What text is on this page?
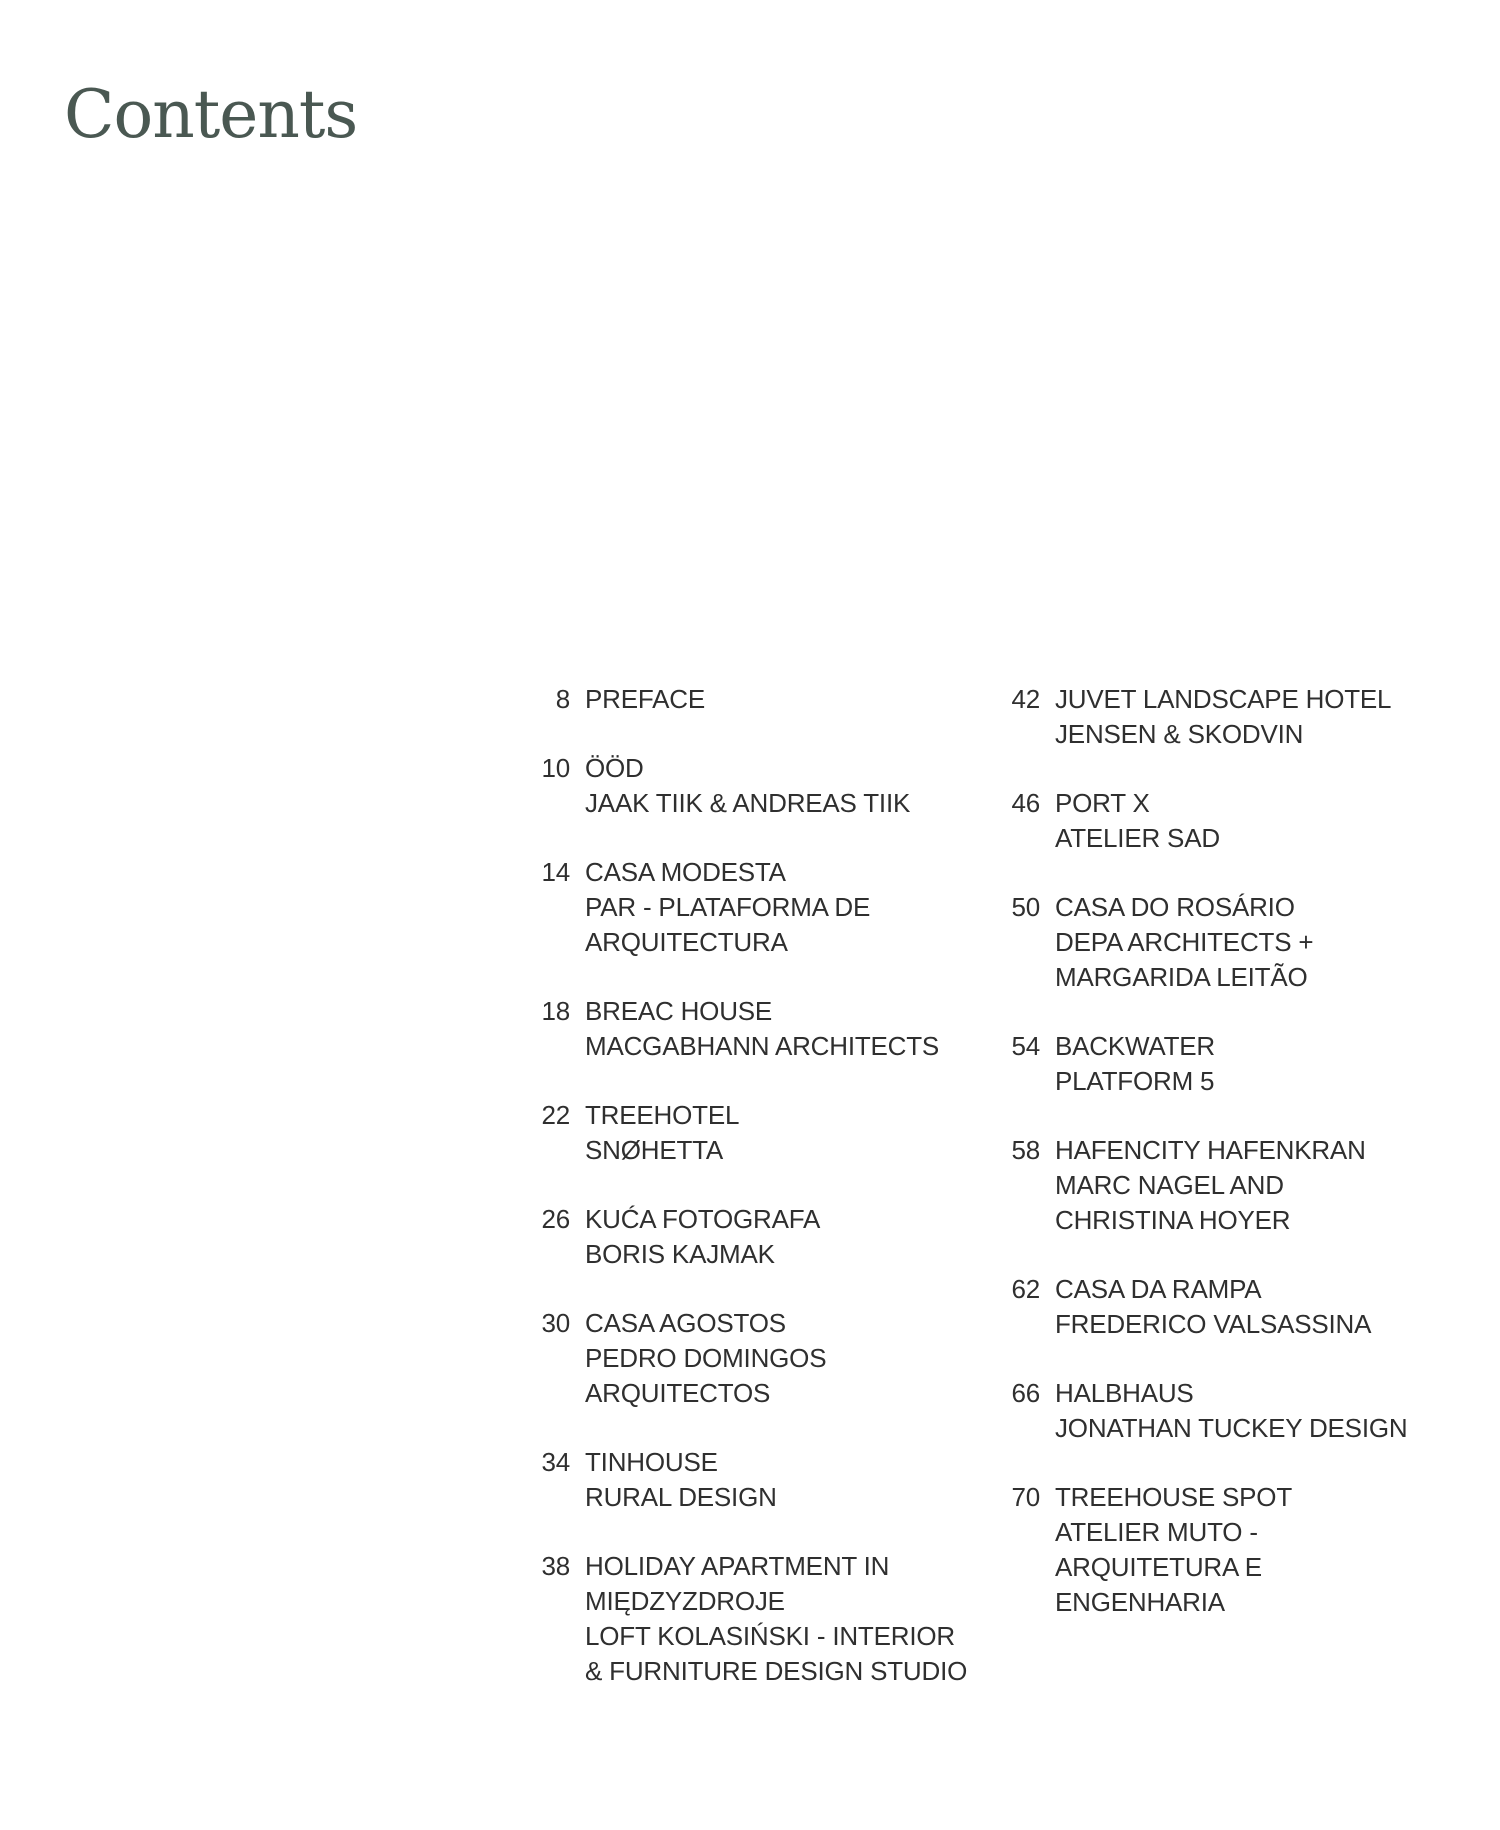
Contents
8 PREFACE
10 ÖÖD
JAAK TIIK & ANDREAS TIIK
14 CASA MODESTA
PAR - PLATAFORMA DE
ARQUITECTURA
18 BREAC HOUSE
MACGABHANN ARCHITECTS
22 TREEHOTEL
SNØHETTA
26 KUĆA FOTOGRAFA
BORIS KAJMAK
30 CASA AGOSTOS
PEDRO DOMINGOS
ARQUITECTOS
34 TINHOUSE
RURAL DESIGN
38 HOLIDAY APARTMENT IN
MIĘDZYZDROJE
LOFT KOLASIŃSKI - INTERIOR
& FURNITURE DESIGN STUDIO
42 JUVET LANDSCAPE HOTEL
JENSEN & SKODVIN
46 PORT X
ATELIER SAD
50 CASA DO ROSÁRIO
DEPA ARCHITECTS +
MARGARIDA LEITÃO
54 BACKWATER
PLATFORM 5
58 HAFENCITY HAFENKRAN
MARC NAGEL AND
CHRISTINA HOYER
62 CASA DA RAMPA
FREDERICO VALSASSINA
66 HALBHAUS
JONATHAN TUCKEY DESIGN
70 TREEHOUSE SPOT
ATELIER MUTO -
ARQUITETURA E
ENGENHARIA
